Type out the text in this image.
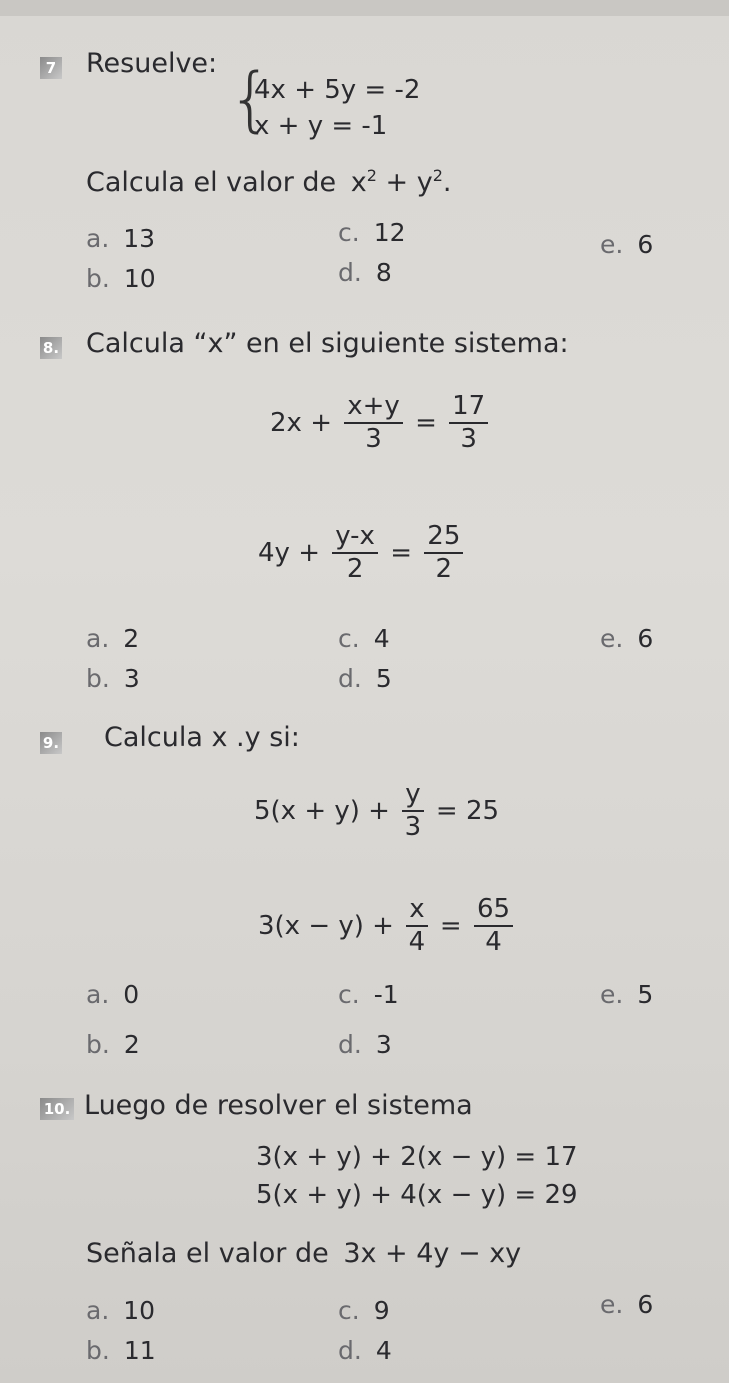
7 Resuelve: {
4x + 5y = -2
x + y = -1
Calcula el valor de $x^2 + y^2$.
a. 13
b. 10
c. 12
d. 8
e. 6
8. Calcula “x” en el siguiente sistema:
$2x + \frac{x+y}{3} = \frac{17}{3}$
$4y + \frac{y-x}{2} = \frac{25}{2}$
a. 2
b. 3
c. 4
d. 5
e. 6
9. Calcula x .y si:
$5(x + y) + \frac{y}{3} = 25$
$3(x - y) + \frac{x}{4} = \frac{65}{4}$
a. 0
b. 2
c. -1
d. 3
e. 5
10. Luego de resolver el sistema
3(x + y) + 2(x − y) = 17
5(x + y) + 4(x − y) = 29
Señala el valor de 3x + 4y − xy
a. 10
b. 11
c. 9
d. 4
e. 6
